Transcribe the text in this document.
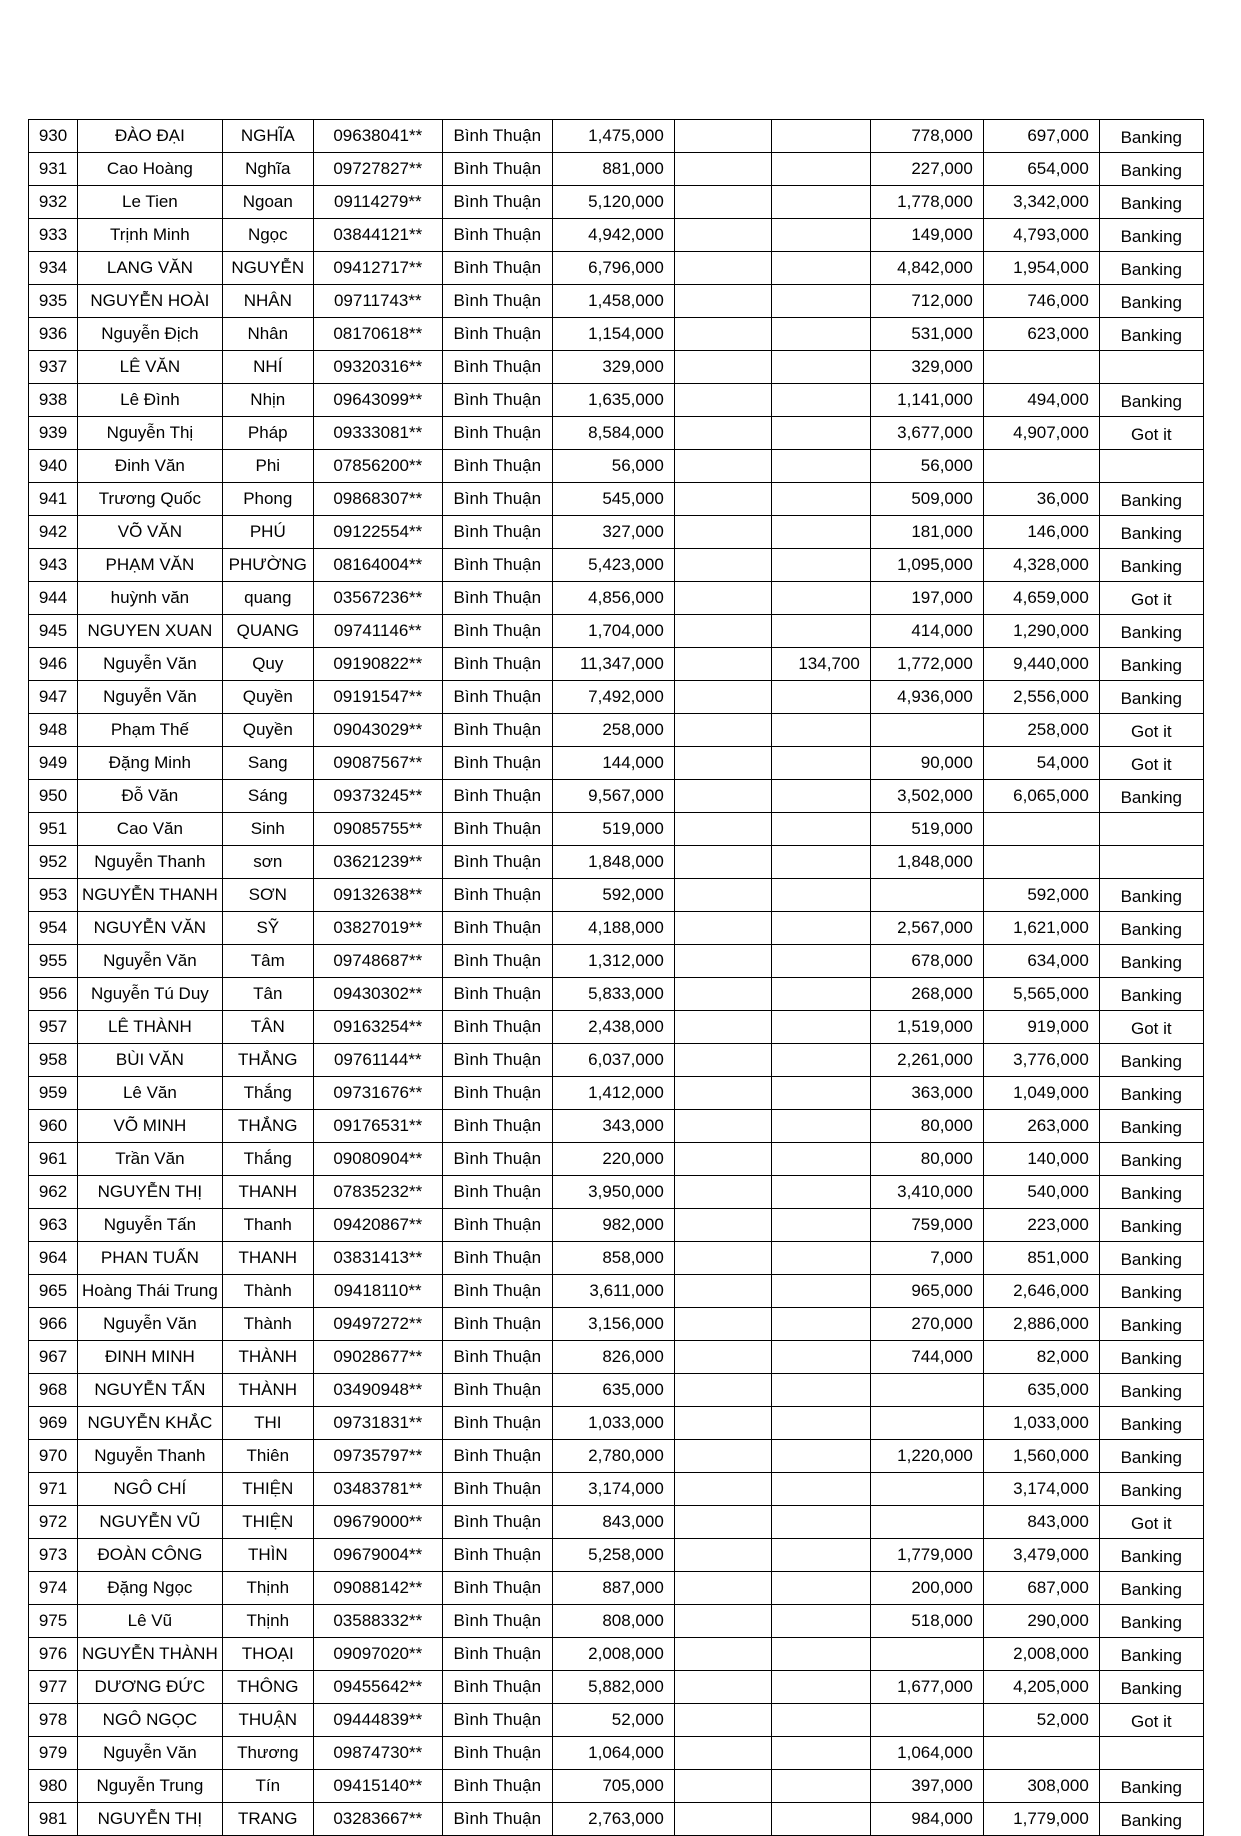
930	ĐÀO ĐẠI	NGHĨA	09638041**	Bình Thuận	1,475,000			778,000	697,000	Banking
931	Cao Hoàng	Nghĩa	09727827**	Bình Thuận	881,000			227,000	654,000	Banking
932	Le Tien	Ngoan	09114279**	Bình Thuận	5,120,000			1,778,000	3,342,000	Banking
933	Trịnh Minh	Ngọc	03844121**	Bình Thuận	4,942,000			149,000	4,793,000	Banking
934	LANG VĂN	NGUYỄN	09412717**	Bình Thuận	6,796,000			4,842,000	1,954,000	Banking
935	NGUYỄN HOÀI	NHÂN	09711743**	Bình Thuận	1,458,000			712,000	746,000	Banking
936	Nguyễn Địch	Nhân	08170618**	Bình Thuận	1,154,000			531,000	623,000	Banking
937	LÊ VĂN	NHÍ	09320316**	Bình Thuận	329,000			329,000		
938	Lê Đình	Nhịn	09643099**	Bình Thuận	1,635,000			1,141,000	494,000	Banking
939	Nguyễn Thị	Pháp	09333081**	Bình Thuận	8,584,000			3,677,000	4,907,000	Got it
940	Đinh Văn	Phi	07856200**	Bình Thuận	56,000			56,000		
941	Trương Quốc	Phong	09868307**	Bình Thuận	545,000			509,000	36,000	Banking
942	VÕ VĂN	PHÚ	09122554**	Bình Thuận	327,000			181,000	146,000	Banking
943	PHẠM VĂN	PHƯỜNG	08164004**	Bình Thuận	5,423,000			1,095,000	4,328,000	Banking
944	huỳnh văn	quang	03567236**	Bình Thuận	4,856,000			197,000	4,659,000	Got it
945	NGUYEN XUAN	QUANG	09741146**	Bình Thuận	1,704,000			414,000	1,290,000	Banking
946	Nguyễn Văn	Quy	09190822**	Bình Thuận	11,347,000		134,700	1,772,000	9,440,000	Banking
947	Nguyễn Văn	Quyền	09191547**	Bình Thuận	7,492,000			4,936,000	2,556,000	Banking
948	Phạm Thế	Quyền	09043029**	Bình Thuận	258,000				258,000	Got it
949	Đặng Minh	Sang	09087567**	Bình Thuận	144,000			90,000	54,000	Got it
950	Đỗ Văn	Sáng	09373245**	Bình Thuận	9,567,000			3,502,000	6,065,000	Banking
951	Cao Văn	Sinh	09085755**	Bình Thuận	519,000			519,000		
952	Nguyễn Thanh	sơn	03621239**	Bình Thuận	1,848,000			1,848,000		
953	NGUYỄN THANH	SƠN	09132638**	Bình Thuận	592,000				592,000	Banking
954	NGUYỄN VĂN	SỸ	03827019**	Bình Thuận	4,188,000			2,567,000	1,621,000	Banking
955	Nguyễn Văn	Tâm	09748687**	Bình Thuận	1,312,000			678,000	634,000	Banking
956	Nguyễn Tú Duy	Tân	09430302**	Bình Thuận	5,833,000			268,000	5,565,000	Banking
957	LÊ THÀNH	TÂN	09163254**	Bình Thuận	2,438,000			1,519,000	919,000	Got it
958	BÙI VĂN	THẮNG	09761144**	Bình Thuận	6,037,000			2,261,000	3,776,000	Banking
959	Lê Văn	Thắng	09731676**	Bình Thuận	1,412,000			363,000	1,049,000	Banking
960	VÕ MINH	THẮNG	09176531**	Bình Thuận	343,000			80,000	263,000	Banking
961	Trần Văn	Thắng	09080904**	Bình Thuận	220,000			80,000	140,000	Banking
962	NGUYỄN THỊ	THANH	07835232**	Bình Thuận	3,950,000			3,410,000	540,000	Banking
963	Nguyễn Tấn	Thanh	09420867**	Bình Thuận	982,000			759,000	223,000	Banking
964	PHAN TUẤN	THANH	03831413**	Bình Thuận	858,000			7,000	851,000	Banking
965	Hoàng Thái Trung	Thành	09418110**	Bình Thuận	3,611,000			965,000	2,646,000	Banking
966	Nguyễn Văn	Thành	09497272**	Bình Thuận	3,156,000			270,000	2,886,000	Banking
967	ĐINH MINH	THÀNH	09028677**	Bình Thuận	826,000			744,000	82,000	Banking
968	NGUYỄN TẤN	THÀNH	03490948**	Bình Thuận	635,000				635,000	Banking
969	NGUYỄN KHẮC	THI	09731831**	Bình Thuận	1,033,000				1,033,000	Banking
970	Nguyễn Thanh	Thiên	09735797**	Bình Thuận	2,780,000			1,220,000	1,560,000	Banking
971	NGÔ CHÍ	THIỆN	03483781**	Bình Thuận	3,174,000				3,174,000	Banking
972	NGUYỄN VŨ	THIỆN	09679000**	Bình Thuận	843,000				843,000	Got it
973	ĐOÀN CÔNG	THÌN	09679004**	Bình Thuận	5,258,000			1,779,000	3,479,000	Banking
974	Đặng Ngọc	Thịnh	09088142**	Bình Thuận	887,000			200,000	687,000	Banking
975	Lê Vũ	Thịnh	03588332**	Bình Thuận	808,000			518,000	290,000	Banking
976	NGUYỄN THÀNH	THOẠI	09097020**	Bình Thuận	2,008,000				2,008,000	Banking
977	DƯƠNG ĐỨC	THÔNG	09455642**	Bình Thuận	5,882,000			1,677,000	4,205,000	Banking
978	NGÔ NGỌC	THUẬN	09444839**	Bình Thuận	52,000				52,000	Got it
979	Nguyễn Văn	Thương	09874730**	Bình Thuận	1,064,000			1,064,000		
980	Nguyễn Trung	Tín	09415140**	Bình Thuận	705,000			397,000	308,000	Banking
981	NGUYỄN THỊ	TRANG	03283667**	Bình Thuận	2,763,000			984,000	1,779,000	Banking
